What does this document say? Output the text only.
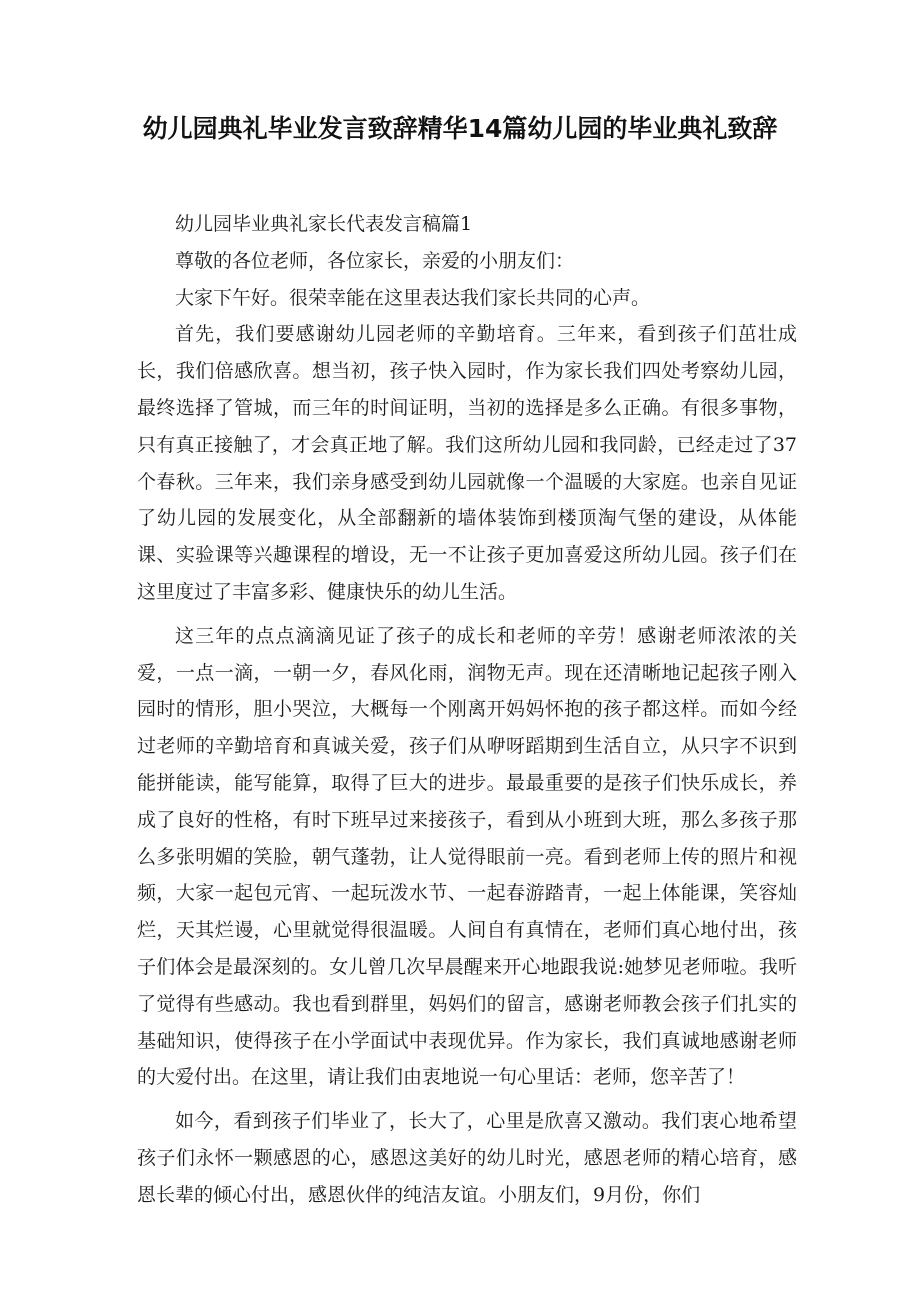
幼儿园典礼毕业发言致辞精华14篇幼儿园的毕业典礼致辞

幼儿园毕业典礼家长代表发言稿篇1

尊敬的各位老师，各位家长，亲爱的小朋友们：

大家下午好。很荣幸能在这里表达我们家长共同的心声。

首先，我们要感谢幼儿园老师的辛勤培育。三年来，看到孩子们茁壮成长，我们倍感欣喜。想当初，孩子快入园时，作为家长我们四处考察幼儿园，最终选择了管城，而三年的时间证明，当初的选择是多么正确。有很多事物，只有真正接触了，才会真正地了解。我们这所幼儿园和我同龄，已经走过了37个春秋。三年来，我们亲身感受到幼儿园就像一个温暖的大家庭。也亲自见证了幼儿园的发展变化，从全部翻新的墙体装饰到楼顶淘气堡的建设，从体能课、实验课等兴趣课程的增设，无一不让孩子更加喜爱这所幼儿园。孩子们在这里度过了丰富多彩、健康快乐的幼儿生活。

这三年的点点滴滴见证了孩子的成长和老师的辛劳！感谢老师浓浓的关爱，一点一滴，一朝一夕，春风化雨，润物无声。现在还清晰地记起孩子刚入园时的情形，胆小哭泣，大概每一个刚离开妈妈怀抱的孩子都这样。而如今经过老师的辛勤培育和真诚关爱，孩子们从咿呀蹈期到生活自立，从只字不识到能拼能读，能写能算，取得了巨大的进步。最最重要的是孩子们快乐成长，养成了良好的性格，有时下班早过来接孩子，看到从小班到大班，那么多孩子那么多张明媚的笑脸，朝气蓬勃，让人觉得眼前一亮。看到老师上传的照片和视频，大家一起包元宵、一起玩泼水节、一起春游踏青，一起上体能课，笑容灿烂，天其烂谩，心里就觉得很温暖。人间自有真情在，老师们真心地付出，孩子们体会是最深刻的。女儿曾几次早晨醒来开心地跟我说:她梦见老师啦。我听了觉得有些感动。我也看到群里，妈妈们的留言，感谢老师教会孩子们扎实的基础知识，使得孩子在小学面试中表现优异。作为家长，我们真诚地感谢老师的大爱付出。在这里，请让我们由衷地说一句心里话：老师，您辛苦了！

如今，看到孩子们毕业了，长大了，心里是欣喜又激动。我们衷心地希望孩子们永怀一颗感恩的心，感恩这美好的幼儿时光，感恩老师的精心培育，感恩长辈的倾心付出，感恩伙伴的纯洁友谊。小朋友们，9月份，你们
